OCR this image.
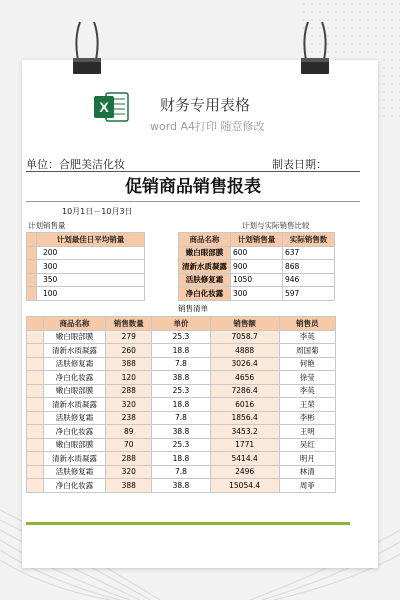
X	财务专用表格
word A4打印 随意修改
单位：合肥美洁化妆	制表日期：
促销商品销售报表
10月1日－10月3日
计划销售量	计划与实际销售比较
	计划最佳日平均销量
	200
	300
	350
	100
商品名称	计划销售量	实际销售数
嫩白眼部膜	600	637
清新水质凝露	900	868
活肤修复霜	1050	946
净白化妆露	300	597
销售清单
	商品名称	销售数量	单价	销售额	销售员
	嫩白眼部膜	279	25.3	7058.7	李英
	清新水质凝露	260	18.8	4888	周国菊
	活肤修复霜	388	7.8	3026.4	何艳
	净白化妆露	120	38.8	4656	徐莹
	嫩白眼部膜	288	25.3	7286.4	李英
	清新水质凝露	320	18.8	6016	王荣
	活肤修复霜	238	7.8	1856.4	李彬
	净白化妆露	89	38.8	3453.2	王明
	嫩白眼部膜	70	25.3	1771	吴红
	清新水质凝露	288	18.8	5414.4	明月
	活肤修复霜	320	7.8	2496	林清
	净白化妆露	388	38.8	15054.4	周菲
